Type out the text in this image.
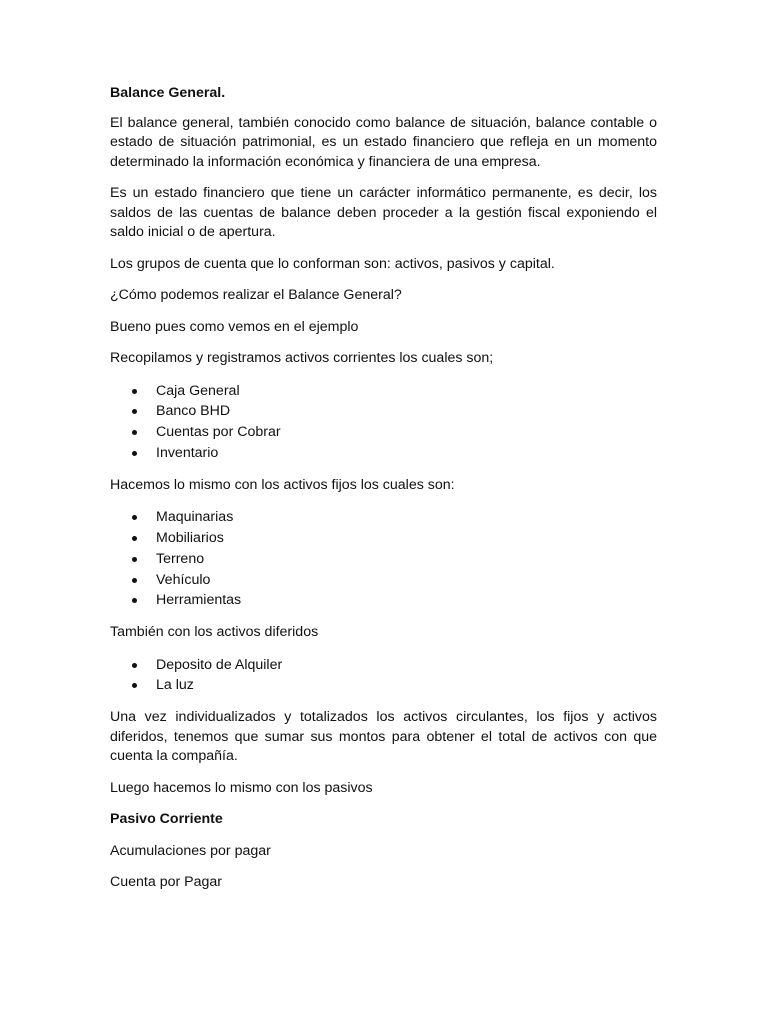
Balance General.

El balance general, también conocido como balance de situación, balance contable o estado de situación patrimonial, es un estado financiero que refleja en un momento determinado la información económica y financiera de una empresa.

Es un estado financiero que tiene un carácter informático permanente, es decir, los saldos de las cuentas de balance deben proceder a la gestión fiscal exponiendo el saldo inicial o de apertura.

Los grupos de cuenta que lo conforman son: activos, pasivos y capital.

¿Cómo podemos realizar el Balance General?

Bueno pues como vemos en el ejemplo

Recopilamos y registramos activos corrientes los cuales son;

Caja General
Banco BHD
Cuentas por Cobrar
Inventario

Hacemos lo mismo con los activos fijos los cuales son:

Maquinarias
Mobiliarios
Terreno
Vehículo
Herramientas

También con los activos diferidos

Deposito de Alquiler
La luz

Una vez individualizados y totalizados los activos circulantes, los fijos y activos diferidos, tenemos que sumar sus montos para obtener el total de activos con que cuenta la compañía.

Luego hacemos lo mismo con los pasivos

Pasivo Corriente

Acumulaciones por pagar

Cuenta por Pagar
